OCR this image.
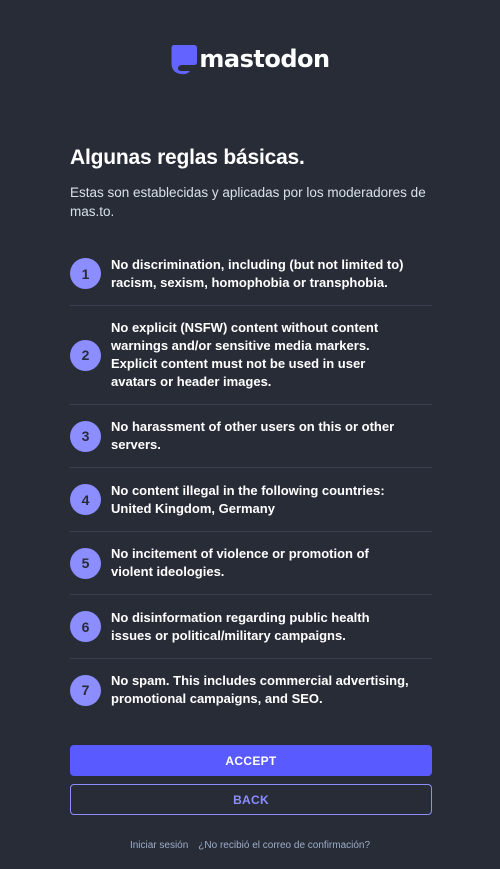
mastodon
Algunas reglas básicas.

Estas son establecidas y aplicadas por los moderadores de mas.to.

1
No discrimination, including (but not limited to) racism, sexism, homophobia or transphobia.
2
No explicit (NSFW) content without content warnings and/or sensitive media markers. Explicit content must not be used in user avatars or header images.
3
No harassment of other users on this or other servers.
4
No content illegal in the following countries: United Kingdom, Germany
5
No incitement of violence or promotion of violent ideologies.
6
No disinformation regarding public health issues or political/military campaigns.
7
No spam. This includes commercial advertising, promotional campaigns, and SEO.
ACCEPT
BACK
Iniciar sesión ¿No recibió el correo de confirmación?
